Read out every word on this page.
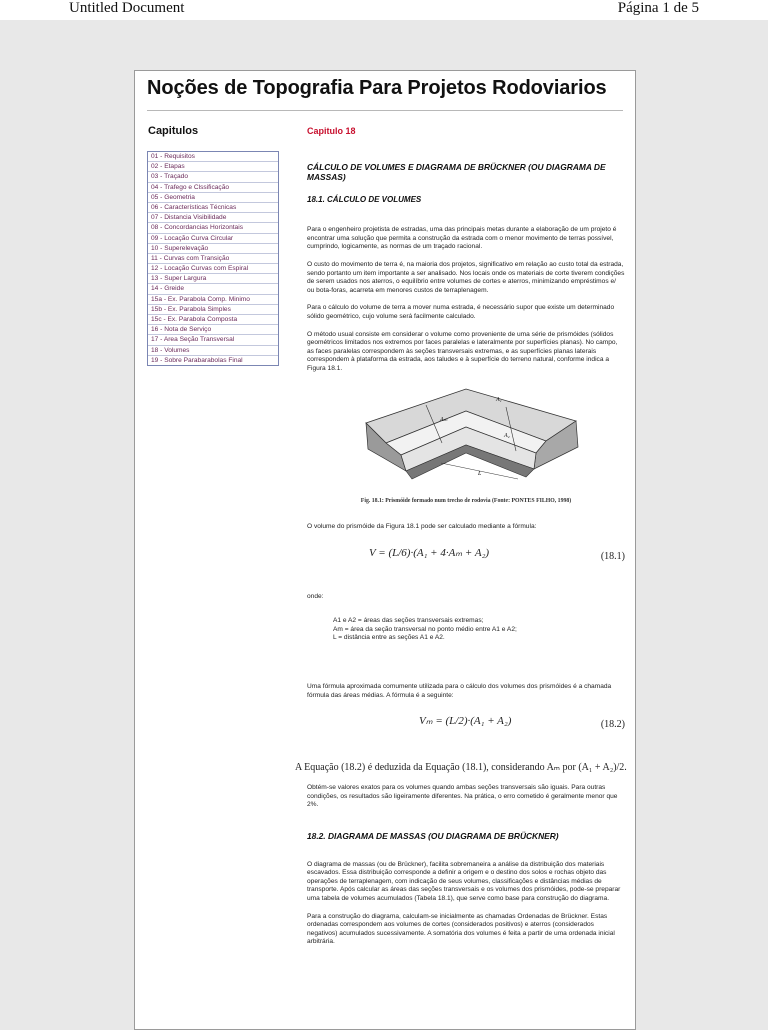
Untitled Document	Página 1 de 5
Noções de Topografia Para Projetos Rodoviarios
Capitulos
01 - Requisitos
02 - Etapas
03 - Traçado
04 - Trafego e Clssificação
05 - Geometria
06 - Características Técnicas
07 - Distancia Visibilidade
08 - Concordancias Horizontais
09 - Locação Curva Circular
10 - Superelevação
11 - Curvas com Transição
12 - Locação Curvas com Espiral
13 - Super Largura
14 - Greide
15a - Ex. Parabola Comp. Minimo
15b - Ex. Parabola Simples
15c - Ex. Parabola Composta
16 - Nota de Serviço
17 - Area Seção Transversal
18 - Volumes
19 - Sobre Parabarabolas Final
Capitulo 18
CÁLCULO DE VOLUMES E DIAGRAMA DE BRÜCKNER (OU DIAGRAMA DE MASSAS)
18.1. CÁLCULO DE VOLUMES

Para o engenheiro projetista de estradas, uma das principais metas durante a elaboração de um projeto é encontrar uma solução que permita a construção da estrada com o menor movimento de terras possível, cumprindo, logicamente, as normas de um traçado racional.

O custo do movimento de terra é, na maioria dos projetos, significativo em relação ao custo total da estrada, sendo portanto um item importante a ser analisado. Nos locais onde os materiais de corte tiverem condições de serem usados nos aterros, o equilíbrio entre volumes de cortes e aterros, minimizando empréstimos e/ ou bota-foras, acarreta em menores custos de terraplenagem.

Para o cálculo do volume de terra a mover numa estrada, é necessário supor que existe um determinado sólido geométrico, cujo volume será facilmente calculado.

O método usual consiste em considerar o volume como proveniente de uma série de prismóides (sólidos geométricos limitados nos extremos por faces paralelas e lateralmente por superfícies planas). No campo, as faces paralelas correspondem às seções transversais extremas, e as superfícies planas laterais correspondem à plataforma da estrada, aos taludes e à superfície do terreno natural, conforme indica a Figura 18.1.

A₁
Aₘ
A₂
L
Fig. 18.1: Prismóide formado num trecho de rodovia (Fonte: PONTES FILHO, 1998)

O volume do prismóide da Figura 18.1 pode ser calculado mediante a fórmula:

V = (L/6)·(A₁ + 4·Aₘ + A₂)	(18.1)

onde:

A1 e A2 = áreas das seções transversais extremas;
Am = área da seção transversal no ponto médio entre A1 e A2;
L = distância entre as seções A1 e A2.

Uma fórmula aproximada comumente utilizada para o cálculo dos volumes dos prismóides é a chamada fórmula das áreas médias. A fórmula é a seguinte:

Vₘ = (L/2)·(A₁ + A₂)	(18.2)
A Equação (18.2) é deduzida da Equação (18.1), considerando Aₘ por (A₁ + A₂)/2.

Obtém-se valores exatos para os volumes quando ambas seções transversais são iguais. Para outras condições, os resultados são ligeiramente diferentes. Na prática, o erro cometido é geralmente menor que 2%.

18.2. DIAGRAMA DE MASSAS (OU DIAGRAMA DE BRÜCKNER)

O diagrama de massas (ou de Brückner), facilita sobremaneira a análise da distribuição dos materiais escavados. Essa distribuição corresponde a definir a origem e o destino dos solos e rochas objeto das operações de terraplenagem, com indicação de seus volumes, classificações e distâncias médias de transporte. Após calcular as áreas das seções transversais e os volumes dos prismóides, pode-se preparar uma tabela de volumes acumulados (Tabela 18.1), que serve como base para construção do diagrama.

Para a construção do diagrama, calculam-se inicialmente as chamadas Ordenadas de Brückner. Estas ordenadas correspondem aos volumes de cortes (considerados positivos) e aterros (considerados negativos) acumulados sucessivamente. A somatória dos volumes é feita a partir de uma ordenada inicial arbitrária.
